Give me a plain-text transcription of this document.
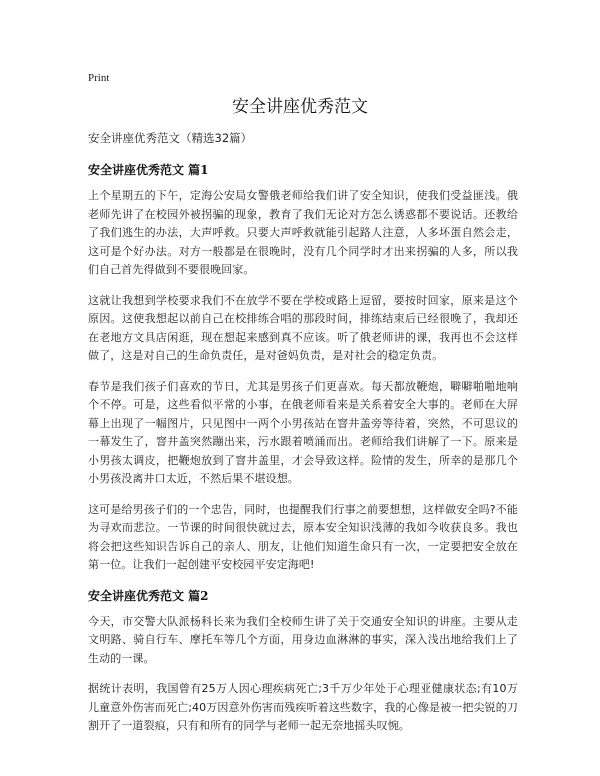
Print
安全讲座优秀范文

安全讲座优秀范文（精选32篇）

安全讲座优秀范文 篇1

上个星期五的下午，定海公安局女警俄老师给我们讲了安全知识，使我们受益匪浅。俄老师先讲了在校园外被拐骗的现象，教育了我们无论对方怎么诱惑都不要说话。还教给了我们逃生的办法，大声呼救。只要大声呼救就能引起路人注意，人多坏蛋自然会走，这可是个好办法。对方一般都是在很晚时，没有几个同学时才出来拐骗的人多，所以我们自己首先得做到不要很晚回家。

这就让我想到学校要求我们不在放学不要在学校或路上逗留，要按时回家，原来是这个原因。这使我想起以前自己在校排练合唱的那段时间，排练结束后已经很晚了，我却还在老地方文具店闲逛，现在想起来感到真不应该。听了俄老师讲的课，我再也不会这样做了，这是对自己的生命负责任，是对爸妈负责，是对社会的稳定负责。

春节是我们孩子们喜欢的节日，尤其是男孩子们更喜欢。每天都放鞭炮，噼噼啪啪地响个不停。可是，这些看似平常的小事，在俄老师看来是关系着安全大事的。老师在大屏幕上出现了一幅图片，只见图中一两个小男孩站在窨井盖旁等待着，突然，不可思议的一幕发生了，窨井盖突然蹦出来，污水跟着喷涌而出。老师给我们讲解了一下。原来是小男孩太调皮，把鞭炮放到了窨井盖里，才会导致这样。险情的发生，所幸的是那几个小男孩没离井口太近，不然后果不堪设想。

这可是给男孩子们的一个忠告，同时，也提醒我们行事之前要想想，这样做安全吗?不能为寻欢而悲泣。一节课的时间很快就过去，原本安全知识浅薄的我如今收获良多。我也将会把这些知识告诉自己的亲人、朋友，让他们知道生命只有一次，一定要把安全放在第一位。让我们一起创建平安校园平安定海吧!

安全讲座优秀范文 篇2

今天，市交警大队派杨科长来为我们全校师生讲了关于交通安全知识的讲座。主要从走文明路、骑自行车、摩托车等几个方面，用身边血淋淋的事实，深入浅出地给我们上了生动的一课。

据统计表明，我国曾有25万人因心理疾病死亡;3千万少年处于心理亚健康状态;有10万儿童意外伤害而死亡;40万因意外伤害而残疾听着这些数字，我的心像是被一把尖锐的刀割开了一道裂痕，只有和所有的同学与老师一起无奈地摇头叹惋。
